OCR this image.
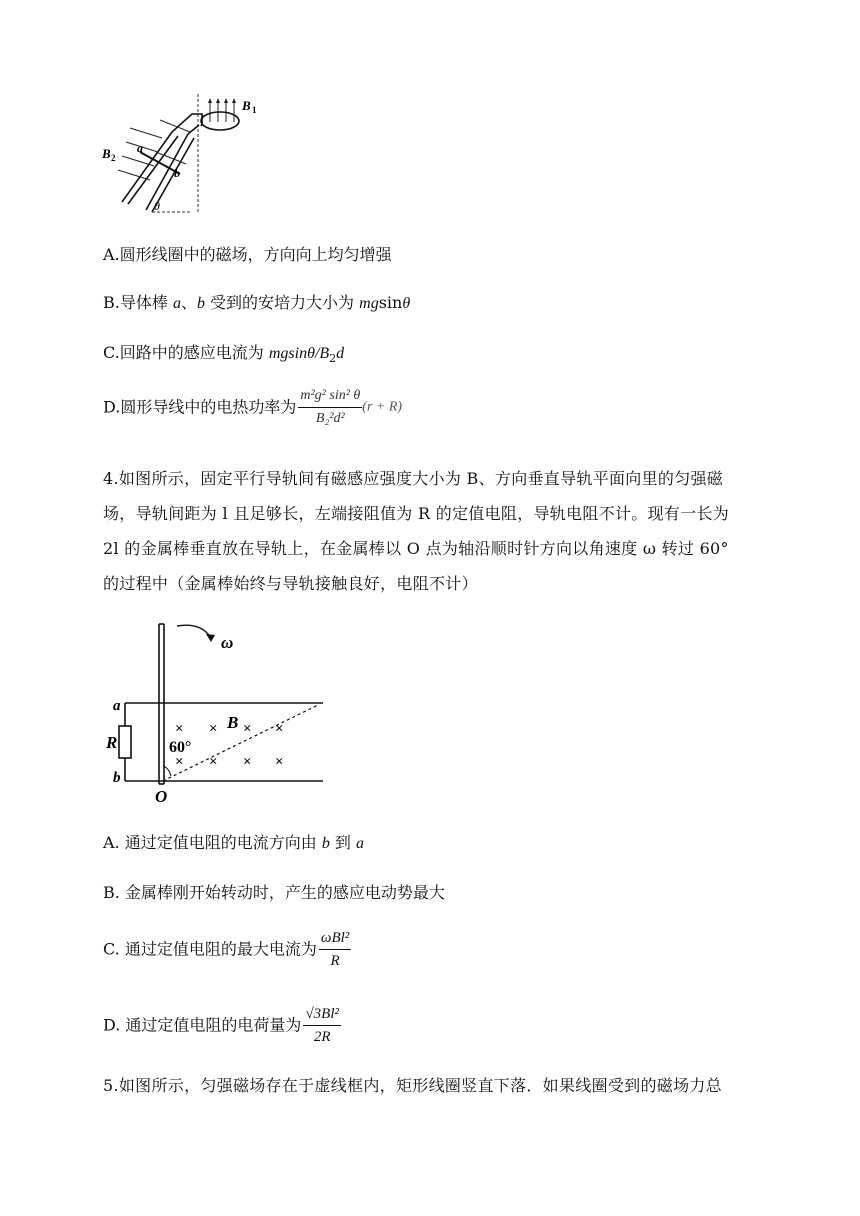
B 2
B 1
a
b
θ
A.圆形线圈中的磁场，方向向上均匀增强
B.导体棒 a、b 受到的安培力大小为 mgsinθ
C.回路中的感应电流为 mgsinθ/$B_2d$
D.圆形导线中的电热功率为 $\frac{\text{m²g² sin² θ}}{\text{B₂²d²}} (r + R)$
4.如图所示，固定平行导轨间有磁感应强度大小为 B、方向垂直导轨平面向里的匀强磁
场，导轨间距为 l 且足够长，左端接阻值为 R 的定值电阻，导轨电阻不计。现有一长为
2l 的金属棒垂直放在导轨上，在金属棒以 O 点为轴沿顺时针方向以角速度 ω 转过 60°
的过程中（金属棒始终与导轨接触良好，电阻不计）
ω
× × × ×
× × × ×
B
60°
a
R
b
O
A. 通过定值电阻的电流方向由 b 到 a
B. 金属棒刚开始转动时，产生的感应电动势最大
C. 通过定值电阻的最大电流为 $\frac{\text{ωBl²}}{R}$
D. 通过定值电阻的电荷量为 $\frac{\text{√3Bl²}}{2R}$
5.如图所示，匀强磁场存在于虚线框内，矩形线圈竖直下落．如果线圈受到的磁场力总
